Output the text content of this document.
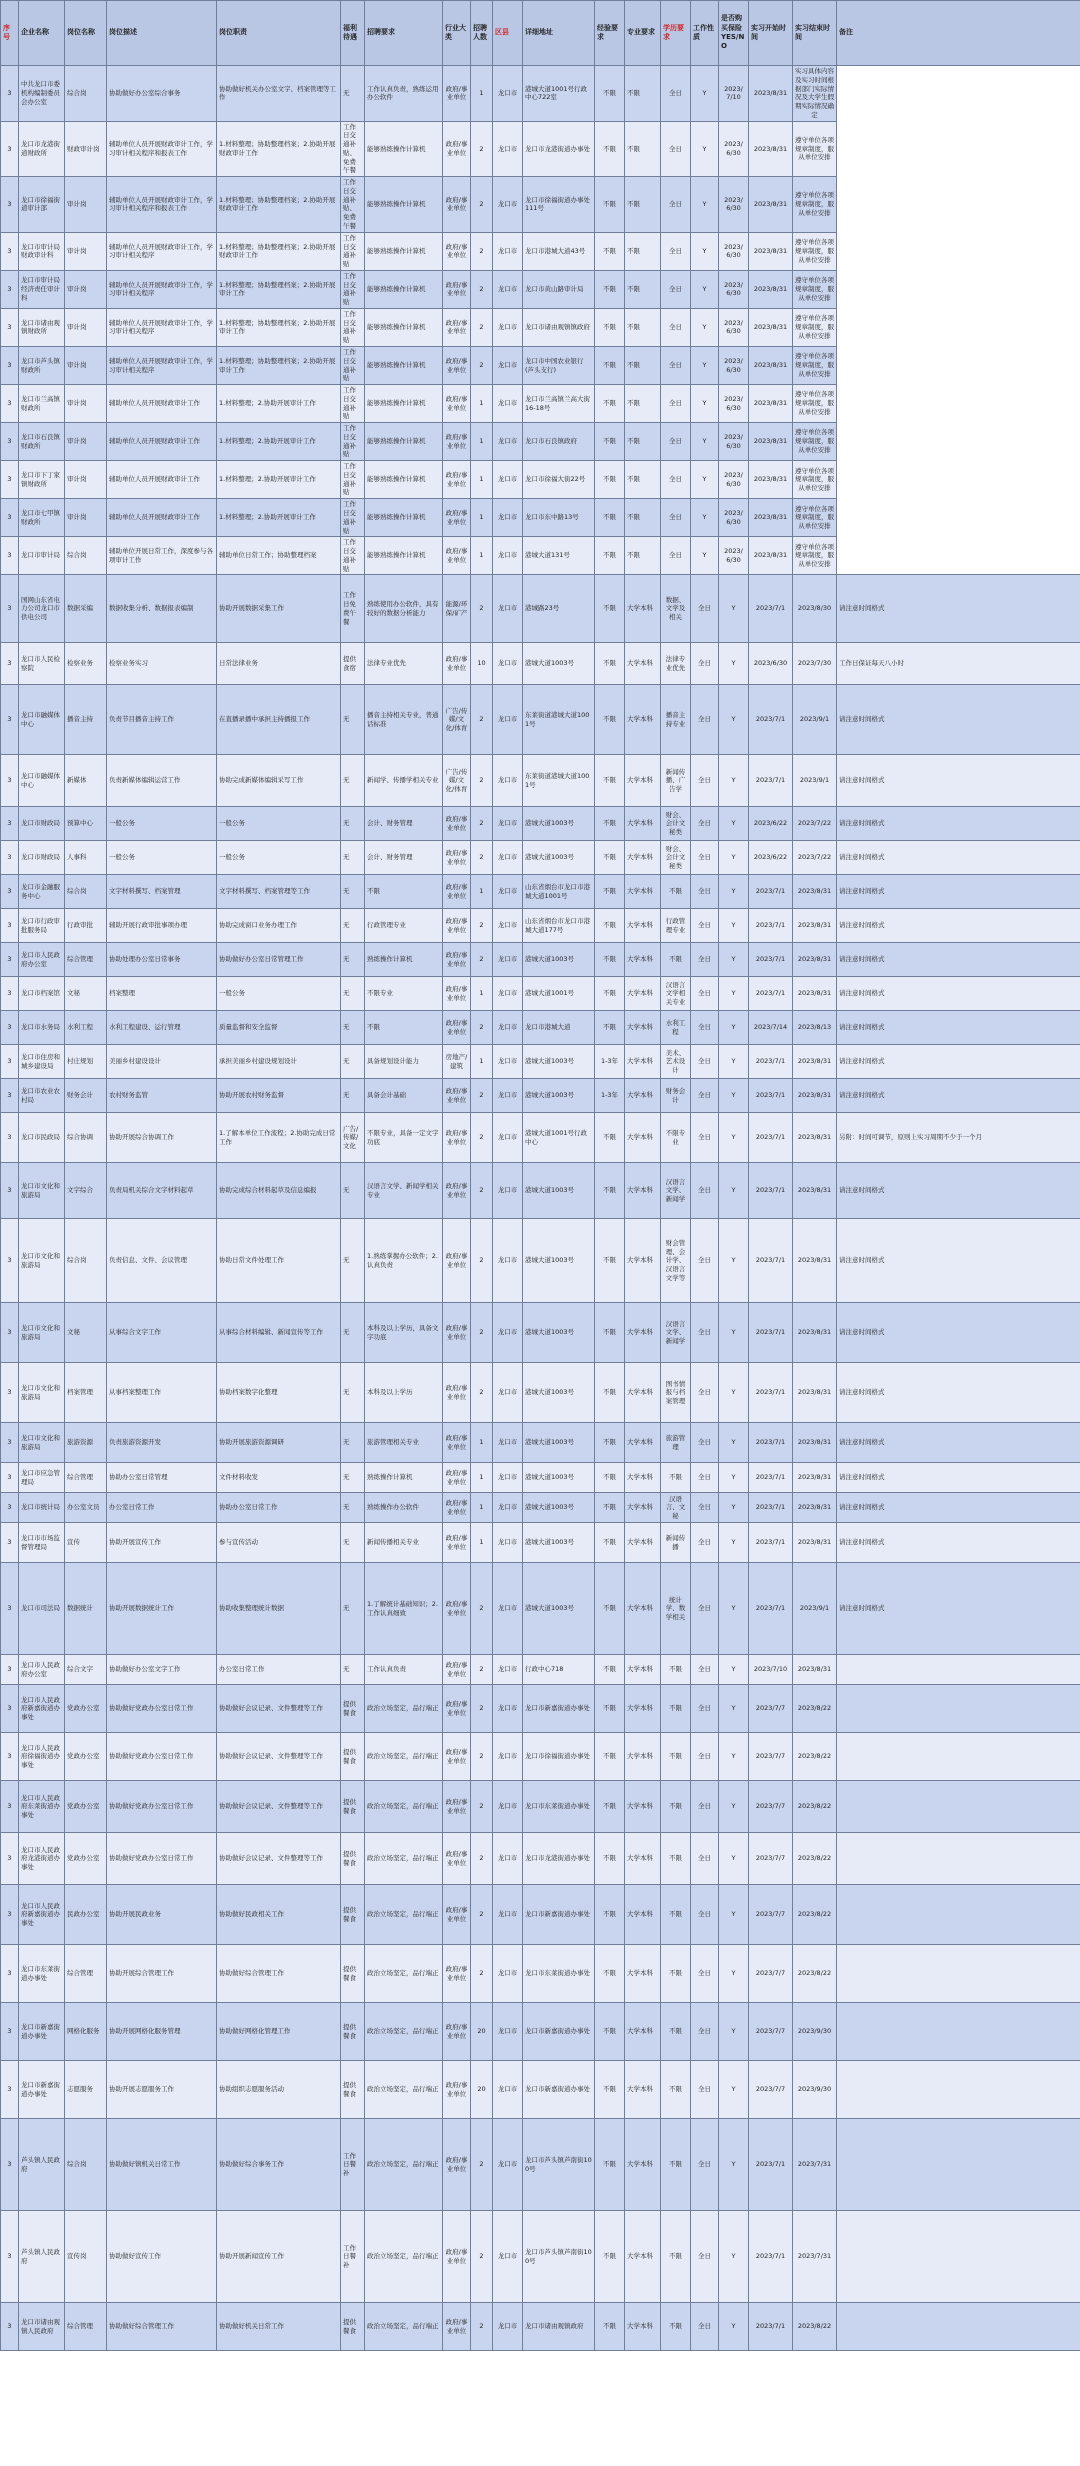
序号	企业名称	岗位名称	岗位描述	岗位职责	福利待遇	招聘要求	行业大类	招聘人数	区县	详细地址	经验要求	专业要求	学历要求	工作性质	是否购买保险YES/NO	实习开始时间	实习结束时间	备注
3	中共龙口市委机构编制委员会办公室	综合岗	协助做好办公室综合事务	协助做好机关办公室文字、档案管理等工作	无	工作认真负责，熟练运用办公软件	政府/事业单位	1	龙口市	港城大道1001号行政中心722室	不限	不限	全日	Y	2023/7/10	2023/8/31	实习具体内容及实习时间根据部门实际情况及大学生假期实际情况确定	
3	龙口市龙港街道财政所	财政审计岗	辅助单位人员开展财政审计工作，学习审计相关程序和报表工作	1.材料整理；协助整理档案；2.协助开展财政审计工作	工作日交通补贴、免费午餐	能够熟练操作计算机	政府/事业单位	2	龙口市	龙口市龙港街道办事处	不限	不限	全日	Y	2023/6/30	2023/8/31	遵守单位各项规章制度，服从单位安排	
3	龙口市徐福街道审计部	审计岗	辅助单位人员开展财政审计工作，学习审计相关程序和报表工作	1.材料整理；协助整理档案；2.协助开展财政审计工作	工作日交通补贴、免费午餐	能够熟练操作计算机	政府/事业单位	2	龙口市	龙口市徐福街道办事处111号	不限	不限	全日	Y	2023/6/30	2023/8/31	遵守单位各项规章制度，服从单位安排	
3	龙口市审计局财政审计科	审计岗	辅助单位人员开展财政审计工作，学习审计相关程序	1.材料整理；协助整理档案；2.协助开展财政审计工作	工作日交通补贴	能够熟练操作计算机	政府/事业单位	2	龙口市	龙口市港城大道43号	不限	不限	全日	Y	2023/6/30	2023/8/31	遵守单位各项规章制度，服从单位安排	
3	龙口市审计局经济责任审计科	审计岗	辅助单位人员开展财政审计工作，学习审计相关程序	1.材料整理；协助整理档案；2.协助开展审计工作	工作日交通补贴	能够熟练操作计算机	政府/事业单位	2	龙口市	龙口市黄山路审计局	不限	不限	全日	Y	2023/6/30	2023/8/31	遵守单位各项规章制度，服从单位安排	
3	龙口市诸由观镇财政所	审计岗	辅助单位人员开展财政审计工作，学习审计相关程序	1.材料整理；协助整理档案；2.协助开展审计工作	工作日交通补贴	能够熟练操作计算机	政府/事业单位	2	龙口市	龙口市诸由观镇镇政府	不限	不限	全日	Y	2023/6/30	2023/8/31	遵守单位各项规章制度，服从单位安排	
3	龙口市芦头镇财政所	审计岗	辅助单位人员开展财政审计工作，学习审计相关程序	1.材料整理；协助整理档案；2.协助开展审计工作	工作日交通补贴	能够熟练操作计算机	政府/事业单位	2	龙口市	龙口市中国农业银行(芦头支行)	不限	不限	全日	Y	2023/6/30	2023/8/31	遵守单位各项规章制度，服从单位安排	
3	龙口市兰高镇财政所	审计岗	辅助单位人员开展财政审计工作	1.材料整理；2.协助开展审计工作	工作日交通补贴	能够熟练操作计算机	政府/事业单位	1	龙口市	龙口市兰高镇兰高大街16-18号	不限	不限	全日	Y	2023/6/30	2023/8/31	遵守单位各项规章制度，服从单位安排	
3	龙口市石良镇财政所	审计岗	辅助单位人员开展财政审计工作	1.材料整理；2.协助开展审计工作	工作日交通补贴	能够熟练操作计算机	政府/事业单位	1	龙口市	龙口市石良镇政府	不限	不限	全日	Y	2023/6/30	2023/8/31	遵守单位各项规章制度，服从单位安排	
3	龙口市下丁家镇财政所	审计岗	辅助单位人员开展财政审计工作	1.材料整理；2.协助开展审计工作	工作日交通补贴	能够熟练操作计算机	政府/事业单位	1	龙口市	龙口市徐福大街22号	不限	不限	全日	Y	2023/6/30	2023/8/31	遵守单位各项规章制度，服从单位安排	
3	龙口市七甲镇财政所	审计岗	辅助单位人员开展财政审计工作	1.材料整理；2.协助开展审计工作	工作日交通补贴	能够熟练操作计算机	政府/事业单位	1	龙口市	龙口市东中路13号	不限	不限	全日	Y	2023/6/30	2023/8/31	遵守单位各项规章制度，服从单位安排	
3	龙口市审计局	综合岗	辅助单位开展日常工作，深度参与各项审计工作	辅助单位日常工作；协助整理档案	工作日交通补贴	能够熟练操作计算机	政府/事业单位	1	龙口市	港城大道131号	不限	不限	全日	Y	2023/6/30	2023/8/31	遵守单位各项规章制度，服从单位安排	
3	国网山东省电力公司龙口市供电公司	数据采编	数据收集分析、数据报表编制	协助开展数据采集工作	工作日免费午餐	熟练使用办公软件，具有较好的数据分析能力	能源/环保/矿产	2	龙口市	港城路23号	不限	大学本科	数据、文学及相关	全日	Y	2023/7/1	2023/8/30	请注意时间格式
3	龙口市人民检察院	检察业务	检察业务实习	日常法律业务	提供食宿	法律专业优先	政府/事业单位	10	龙口市	港城大道1003号	不限	大学本科	法律专业优先	全日	Y	2023/6/30	2023/7/30	工作日保证每天八小时
3	龙口市融媒体中心	播音主持	负责节目播音主持工作	在直播录播中承担主持播报工作	无	播音主持相关专业，普通话标准	广告/传媒/文化/体育	2	龙口市	东莱街道港城大道1001号	不限	大学本科	播音主持专业	全日	Y	2023/7/1	2023/9/1	请注意时间格式
3	龙口市融媒体中心	新媒体	负责新媒体编辑运营工作	协助完成新媒体编辑采写工作	无	新闻学、传播学相关专业	广告/传媒/文化/体育	2	龙口市	东莱街道港城大道1001号	不限	大学本科	新闻传播、广告学	全日	Y	2023/7/1	2023/9/1	请注意时间格式
3	龙口市财政局	预算中心	一般公务	一般公务	无	会计、财务管理	政府/事业单位	2	龙口市	港城大道1003号	不限	大学本科	财会、会计文秘类	全日	Y	2023/6/22	2023/7/22	请注意时间格式
3	龙口市财政局	人事科	一般公务	一般公务	无	会计、财务管理	政府/事业单位	2	龙口市	港城大道1003号	不限	大学本科	财会、会计文秘类	全日	Y	2023/6/22	2023/7/22	请注意时间格式
3	龙口市金融服务中心	综合岗	文字材料撰写、档案管理	文字材料撰写、档案管理等工作	无	不限	政府/事业单位	1	龙口市	山东省烟台市龙口市港城大道1001号	不限	大学本科	不限	全日	Y	2023/7/1	2023/8/31	请注意时间格式
3	龙口市行政审批服务局	行政审批	辅助开展行政审批事项办理	协助完成窗口业务办理工作	无	行政管理专业	政府/事业单位	2	龙口市	山东省烟台市龙口市港城大道177号	不限	大学本科	行政管理专业	全日	Y	2023/7/1	2023/8/31	请注意时间格式
3	龙口市人民政府办公室	综合管理	协助处理办公室日常事务	协助做好办公室日常管理工作	无	熟练操作计算机	政府/事业单位	2	龙口市	港城大道1003号	不限	大学本科	不限	全日	Y	2023/7/1	2023/8/31	请注意时间格式
3	龙口市档案馆	文秘	档案整理	一般公务	无	不限专业	政府/事业单位	1	龙口市	港城大道1001号	不限	大学本科	汉语言文学相关专业	全日	Y	2023/7/1	2023/8/31	请注意时间格式
3	龙口市水务局	水利工程	水利工程建设、运行管理	质量监督和安全监督	无	不限	政府/事业单位	2	龙口市	龙口市港城大道	不限	大学本科	水利工程	全日	Y	2023/7/14	2023/8/13	请注意时间格式
3	龙口市住房和城乡建设局	村庄规划	美丽乡村建设设计	承担美丽乡村建设规划设计	无	具备规划设计能力	房地产/建筑	1	龙口市	港城大道1003号	1-3年	大学本科	美术、艺术设计	全日	Y	2023/7/1	2023/8/31	请注意时间格式
3	龙口市农业农村局	财务会计	农村财务监管	协助开展农村财务监督	无	具备会计基础	政府/事业单位	2	龙口市	港城大道1003号	1-3年	大学本科	财务会计	全日	Y	2023/7/1	2023/8/31	请注意时间格式
3	龙口市民政局	综合协调	协助开展综合协调工作	1.了解本单位工作流程；2.协助完成日常工作	广告/传媒/文化	不限专业，具备一定文字功底	政府/事业单位	2	龙口市	港城大道1001号行政中心	不限	大学本科	不限专业	全日	Y	2023/7/1	2023/8/31	另附：时间可调节，原则上实习周期不少于一个月
3	龙口市文化和旅游局	文字综合	负责局机关综合文字材料起草	协助完成综合材料起草及信息编报	无	汉语言文学、新闻学相关专业	政府/事业单位	2	龙口市	港城大道1003号	不限	大学本科	汉语言文学、新闻学	全日	Y	2023/7/1	2023/8/31	请注意时间格式
3	龙口市文化和旅游局	综合岗	负责信息、文件、会议管理	协助日常文件处理工作	无	1.熟练掌握办公软件；2.认真负责	政府/事业单位	2	龙口市	港城大道1003号	不限	大学本科	财会管理、会计学、汉语言文学等	全日	Y	2023/7/1	2023/8/31	请注意时间格式
3	龙口市文化和旅游局	文秘	从事综合文字工作	从事综合材料编辑、新闻宣传等工作	无	本科及以上学历，具备文字功底	政府/事业单位	2	龙口市	港城大道1003号	不限	大学本科	汉语言文学、新闻学	全日	Y	2023/7/1	2023/8/31	请注意时间格式
3	龙口市文化和旅游局	档案管理	从事档案整理工作	协助档案数字化整理	无	本科及以上学历	政府/事业单位	2	龙口市	港城大道1003号	不限	大学本科	图书情报与档案管理	全日	Y	2023/7/1	2023/8/31	请注意时间格式
3	龙口市文化和旅游局	旅游资源	负责旅游资源开发	协助开展旅游资源调研	无	旅游管理相关专业	政府/事业单位	1	龙口市	港城大道1003号	不限	大学本科	旅游管理	全日	Y	2023/7/1	2023/8/31	请注意时间格式
3	龙口市应急管理局	综合管理	协助办公室日常管理	文件材料收发	无	熟练操作计算机	政府/事业单位	1	龙口市	港城大道1003号	不限	大学本科	不限	全日	Y	2023/7/1	2023/8/31	请注意时间格式
3	龙口市统计局	办公室文员	办公室日常工作	协助办公室日常工作	无	熟练操作办公软件	政府/事业单位	1	龙口市	港城大道1003号	不限	大学本科	汉语言、文秘	全日	Y	2023/7/1	2023/8/31	请注意时间格式
3	龙口市市场监督管理局	宣传	协助开展宣传工作	参与宣传活动	无	新闻传播相关专业	政府/事业单位	1	龙口市	港城大道1003号	不限	大学本科	新闻传播	全日	Y	2023/7/1	2023/8/31	请注意时间格式
3	龙口市司法局	数据统计	协助开展数据统计工作	协助收集整理统计数据	无	1.了解统计基础知识；2.工作认真细致	政府/事业单位	2	龙口市	港城大道1003号	不限	大学本科	统计学、数学相关	全日	Y	2023/7/1	2023/9/1	请注意时间格式
3	龙口市人民政府办公室	综合文字	协助做好办公室文字工作	办公室日常工作	无	工作认真负责	政府/事业单位	2	龙口市	行政中心718	不限	大学本科	不限	全日	Y	2023/7/10	2023/8/31	
3	龙口市人民政府新嘉街道办事处	党政办公室	协助做好党政办公室日常工作	协助做好会议记录、文件整理等工作	提供餐食	政治立场坚定，品行端正	政府/事业单位	2	龙口市	龙口市新嘉街道办事处	不限	大学本科	不限	全日	Y	2023/7/7	2023/8/22	
3	龙口市人民政府徐福街道办事处	党政办公室	协助做好党政办公室日常工作	协助做好会议记录、文件整理等工作	提供餐食	政治立场坚定，品行端正	政府/事业单位	2	龙口市	龙口市徐福街道办事处	不限	大学本科	不限	全日	Y	2023/7/7	2023/8/22	
3	龙口市人民政府东莱街道办事处	党政办公室	协助做好党政办公室日常工作	协助做好会议记录、文件整理等工作	提供餐食	政治立场坚定，品行端正	政府/事业单位	2	龙口市	龙口市东莱街道办事处	不限	大学本科	不限	全日	Y	2023/7/7	2023/8/22	
3	龙口市人民政府龙港街道办事处	党政办公室	协助做好党政办公室日常工作	协助做好会议记录、文件整理等工作	提供餐食	政治立场坚定，品行端正	政府/事业单位	2	龙口市	龙口市龙港街道办事处	不限	大学本科	不限	全日	Y	2023/7/7	2023/8/22	
3	龙口市人民政府新嘉街道办事处	民政办公室	协助开展民政业务	协助做好民政相关工作	提供餐食	政治立场坚定，品行端正	政府/事业单位	2	龙口市	龙口市新嘉街道办事处	不限	大学本科	不限	全日	Y	2023/7/7	2023/8/22	
3	龙口市东莱街道办事处	综合管理	协助开展综合管理工作	协助做好综合管理工作	提供餐食	政治立场坚定，品行端正	政府/事业单位	2	龙口市	龙口市东莱街道办事处	不限	大学本科	不限	全日	Y	2023/7/7	2023/8/22	
3	龙口市新嘉街道办事处	网格化服务	协助开展网格化服务管理	协助做好网格化管理工作	提供餐食	政治立场坚定，品行端正	政府/事业单位	20	龙口市	龙口市新嘉街道办事处	不限	大学本科	不限	全日	Y	2023/7/7	2023/9/30	
3	龙口市新嘉街道办事处	志愿服务	协助开展志愿服务工作	协助组织志愿服务活动	提供餐食	政治立场坚定，品行端正	政府/事业单位	20	龙口市	龙口市新嘉街道办事处	不限	大学本科	不限	全日	Y	2023/7/7	2023/9/30	
3	芦头镇人民政府	综合岗	协助做好镇机关日常工作	协助做好综合事务工作	工作日餐补	政治立场坚定，品行端正	政府/事业单位	2	龙口市	龙口市芦头镇芦南街100号	不限	大学本科	不限	全日	Y	2023/7/1	2023/7/31	
3	芦头镇人民政府	宣传岗	协助做好宣传工作	协助开展新闻宣传工作	工作日餐补	政治立场坚定，品行端正	政府/事业单位	2	龙口市	龙口市芦头镇芦南街100号	不限	大学本科	不限	全日	Y	2023/7/1	2023/7/31	
3	龙口市诸由观镇人民政府	综合管理	协助做好综合管理工作	协助做好机关日常工作	提供餐食	政治立场坚定，品行端正	政府/事业单位	2	龙口市	龙口市诸由观镇政府	不限	大学本科	不限	全日	Y	2023/7/1	2023/8/22	
